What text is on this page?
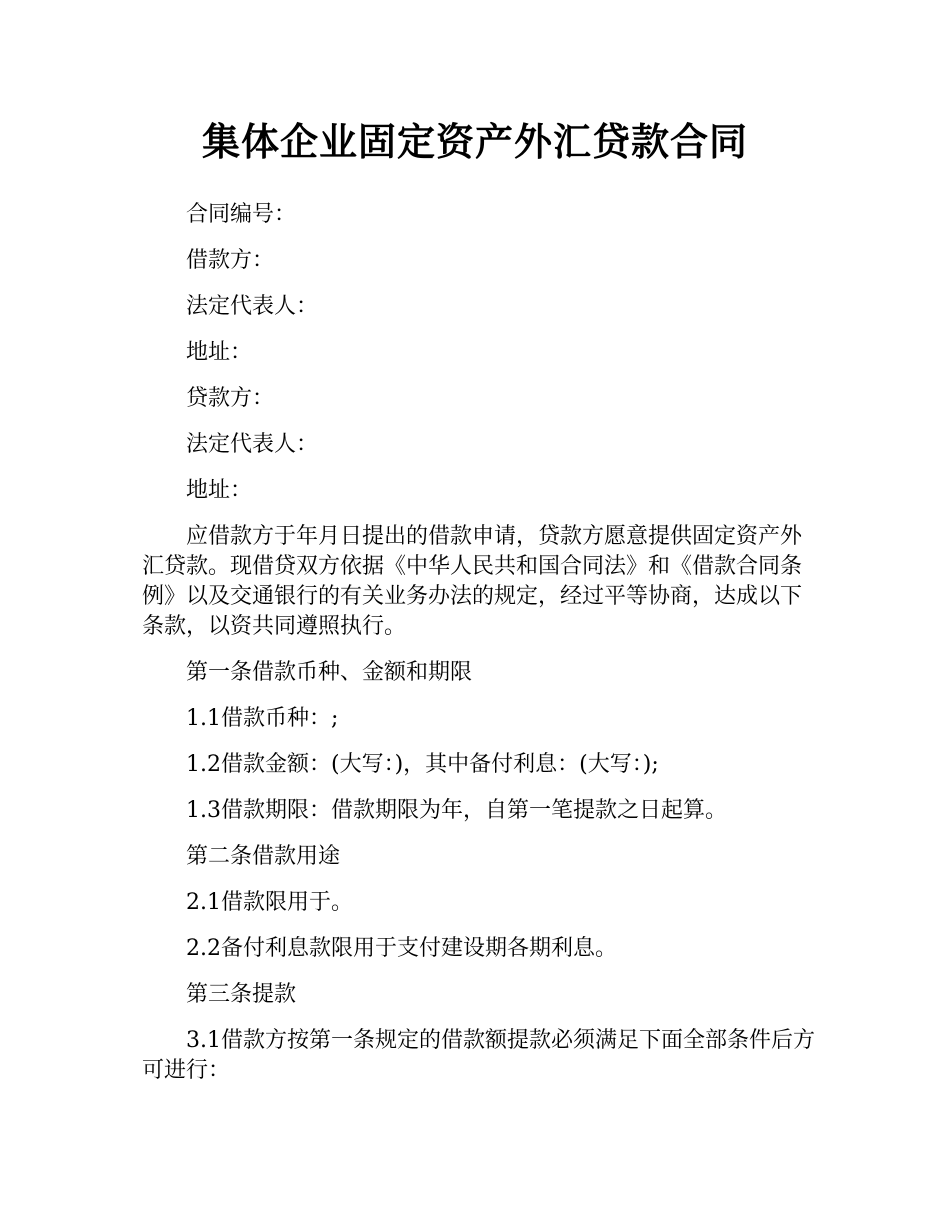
集体企业固定资产外汇贷款合同

合同编号：

借款方：

法定代表人：

地址：

贷款方：

法定代表人：

地址：

应借款方于年月日提出的借款申请，贷款方愿意提供固定资产外汇贷款。现借贷双方依据《中华人民共和国合同法》和《借款合同条例》以及交通银行的有关业务办法的规定，经过平等协商，达成以下条款，以资共同遵照执行。

第一条借款币种、金额和期限

1.1借款币种：;

1.2借款金额：(大写：)，其中备付利息：(大写：);

1.3借款期限：借款期限为年，自第一笔提款之日起算。

第二条借款用途

2.1借款限用于。

2.2备付利息款限用于支付建设期各期利息。

第三条提款

3.1借款方按第一条规定的借款额提款必须满足下面全部条件后方可进行：
